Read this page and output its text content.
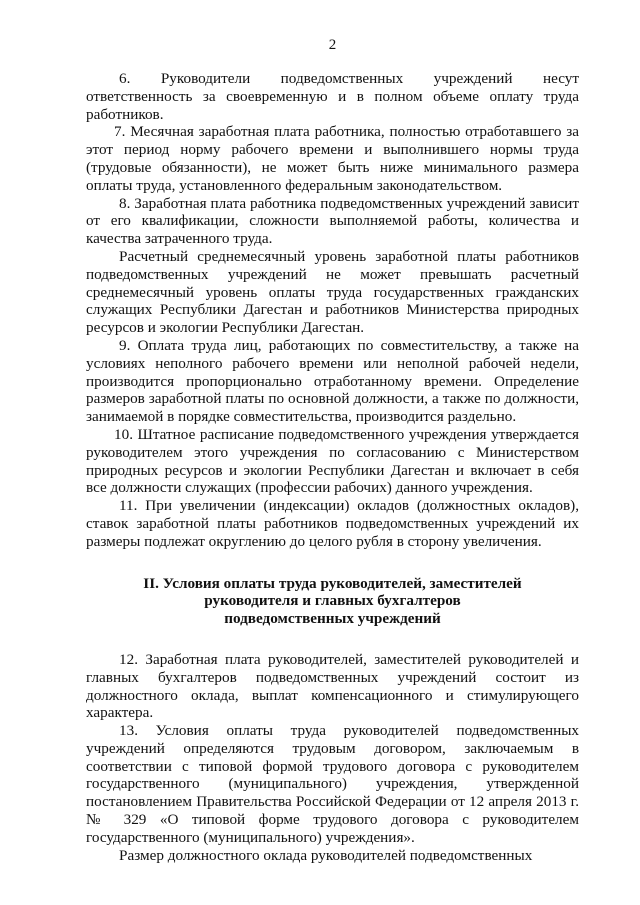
2

6. Руководители подведомственных учреждений несут ответственность за своевременную и в полном объеме оплату труда работников.

7. Месячная заработная плата работника, полностью отработавшего за этот период норму рабочего времени и выполнившего нормы труда (трудовые обязанности), не может быть ниже минимального размера оплаты труда, установленного федеральным законодательством.

8. Заработная плата работника подведомственных учреждений зависит от его квалификации, сложности выполняемой работы, количества и качества затраченного труда.

Расчетный среднемесячный уровень заработной платы работников подведомственных учреждений не может превышать расчетный среднемесячный уровень оплаты труда государственных гражданских служащих Республики Дагестан и работников Министерства природных ресурсов и экологии Республики Дагестан.

9. Оплата труда лиц, работающих по совместительству, а также на условиях неполного рабочего времени или неполной рабочей недели, производится пропорционально отработанному времени. Определение размеров заработной платы по основной должности, а также по должности, занимаемой в порядке совместительства, производится раздельно.

10. Штатное расписание подведомственного учреждения утверждается руководителем этого учреждения по согласованию с Министерством природных ресурсов и экологии Республики Дагестан и включает в себя все должности служащих (профессии рабочих) данного учреждения.

11. При увеличении (индексации) окладов (должностных окладов), ставок заработной платы работников подведомственных учреждений их размеры подлежат округлению до целого рубля в сторону увеличения.

II. Условия оплаты труда руководителей, заместителей
руководителя и главных бухгалтеров
подведомственных учреждений

12. Заработная плата руководителей, заместителей руководителей и главных бухгалтеров подведомственных учреждений состоит из должностного оклада, выплат компенсационного и стимулирующего характера.

13. Условия оплаты труда руководителей подведомственных учреждений определяются трудовым договором, заключаемым в соответствии с типовой формой трудового договора с руководителем государственного (муниципального) учреждения, утвержденной постановлением Правительства Российской Федерации от 12 апреля 2013 г. № 329 «О типовой форме трудового договора с руководителем государственного (муниципального) учреждения».

Размер должностного оклада руководителей подведомственных
